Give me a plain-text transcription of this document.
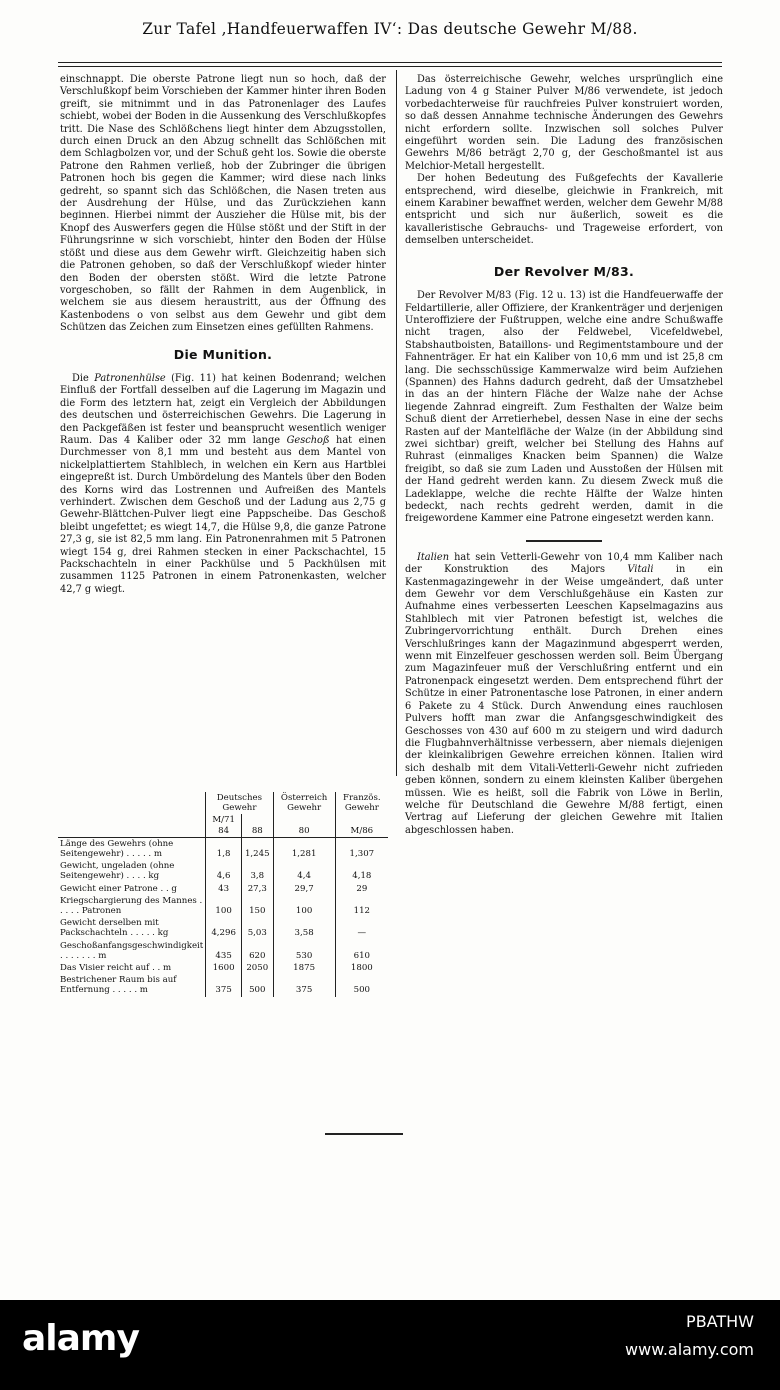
Zur Tafel ‚Handfeuerwaffen IV‘: Das deutsche Gewehr M/88.

einschnappt. Die oberste Patrone liegt nun so hoch, daß der Verschlußkopf beim Vorschieben der Kammer hinter ihren Boden greift, sie mitnimmt und in das Patronenlager des Laufes schiebt, wobei der Boden in die Aussenkung des Verschlußkopfes tritt. Die Nase des Schlößchens liegt hinter dem Abzugsstollen, durch einen Druck an den Abzug schnellt das Schlößchen mit dem Schlagbolzen vor, und der Schuß geht los. Sowie die oberste Patrone den Rahmen verließ, hob der Zubringer die übrigen Patronen hoch bis gegen die Kammer; wird diese nach links gedreht, so spannt sich das Schlößchen, die Nasen treten aus der Ausdrehung der Hülse, und das Zurückziehen kann beginnen. Hierbei nimmt der Auszieher die Hülse mit, bis der Knopf des Auswerfers gegen die Hülse stößt und der Stift in der Führungsrinne w sich vorschiebt, hinter den Boden der Hülse stößt und diese aus dem Gewehr wirft. Gleichzeitig haben sich die Patronen gehoben, so daß der Verschlußkopf wieder hinter den Boden der obersten stößt. Wird die letzte Patrone vorgeschoben, so fällt der Rahmen in dem Augenblick, in welchem sie aus diesem heraustritt, aus der Öffnung des Kastenbodens o von selbst aus dem Gewehr und gibt dem Schützen das Zeichen zum Einsetzen eines gefüllten Rahmens.

Die Munition.

Die Patronenhülse (Fig. 11) hat keinen Bodenrand; welchen Einfluß der Fortfall desselben auf die Lagerung im Magazin und die Form des letztern hat, zeigt ein Vergleich der Abbildungen des deutschen und österreichischen Gewehrs. Die Lagerung in den Packgefäßen ist fester und beansprucht wesentlich weniger Raum. Das 4 Kaliber oder 32 mm lange Geschoß hat einen Durchmesser von 8,1 mm und besteht aus dem Mantel von nickelplattiertem Stahlblech, in welchen ein Kern aus Hartblei eingepreßt ist. Durch Umbördelung des Mantels über den Boden des Korns wird das Lostrennen und Aufreißen des Mantels verhindert. Zwischen dem Geschoß und der Ladung aus 2,75 g Gewehr-Blättchen-Pulver liegt eine Pappscheibe. Das Geschoß bleibt ungefettet; es wiegt 14,7, die Hülse 9,8, die ganze Patrone 27,3 g, sie ist 82,5 mm lang. Ein Patronenrahmen mit 5 Patronen wiegt 154 g, drei Rahmen stecken in einer Packschachtel, 15 Packschachteln in einer Packhülse und 5 Packhülsen mit zusammen 1125 Patronen in einem Patronenkasten, welcher 42,7 g wiegt.

	Deutsches Gewehr		Österreich Gewehr	Französ. Gewehr
	M/71 84	88	80	M/86
Länge des Gewehrs (ohne Seitengewehr) . . . . . m	1,8	1,245	1,281	1,307
Gewicht, ungeladen (ohne Seitengewehr) . . . . kg	4,6	3,8	4,4	4,18
Gewicht einer Patrone . . g	43	27,3	29,7	29
Kriegschargierung des Mannes . . . . . Patronen	100	150	100	112
Gewicht derselben mit Packschachteln . . . . . kg	4,296	5,03	3,58	—
Geschoßanfangsgeschwindigkeit . . . . . . . m	435	620	530	610
Das Visier reicht auf . . m	1600	2050	1875	1800
Bestrichener Raum bis auf Entfernung . . . . . m	375	500	375	500

Das österreichische Gewehr, welches ursprünglich eine Ladung von 4 g Stainer Pulver M/86 verwendete, ist jedoch vorbedachterweise für rauchfreies Pulver konstruiert worden, so daß dessen Annahme technische Änderungen des Gewehrs nicht erfordern sollte. Inzwischen soll solches Pulver eingeführt worden sein. Die Ladung des französischen Gewehrs M/86 beträgt 2,70 g, der Geschoßmantel ist aus Melchior-Metall hergestellt.

Der hohen Bedeutung des Fußgefechts der Kavallerie entsprechend, wird dieselbe, gleichwie in Frankreich, mit einem Karabiner bewaffnet werden, welcher dem Gewehr M/88 entspricht und sich nur äußerlich, soweit es die kavalleristische Gebrauchs- und Trageweise erfordert, von demselben unterscheidet.

Der Revolver M/83.

Der Revolver M/83 (Fig. 12 u. 13) ist die Handfeuerwaffe der Feldartillerie, aller Offiziere, der Krankenträger und derjenigen Unteroffiziere der Fußtruppen, welche eine andre Schußwaffe nicht tragen, also der Feldwebel, Vicefeldwebel, Stabshautboisten, Bataillons- und Regimentstamboure und der Fahnenträger. Er hat ein Kaliber von 10,6 mm und ist 25,8 cm lang. Die sechsschüssige Kammerwalze wird beim Aufziehen (Spannen) des Hahns dadurch gedreht, daß der Umsatzhebel in das an der hintern Fläche der Walze nahe der Achse liegende Zahnrad eingreift. Zum Festhalten der Walze beim Schuß dient der Arretierhebel, dessen Nase in eine der sechs Rasten auf der Mantelfläche der Walze (in der Abbildung sind zwei sichtbar) greift, welcher bei Stellung des Hahns auf Ruhrast (einmaliges Knacken beim Spannen) die Walze freigibt, so daß sie zum Laden und Ausstoßen der Hülsen mit der Hand gedreht werden kann. Zu diesem Zweck muß die Ladeklappe, welche die rechte Hälfte der Walze hinten bedeckt, nach rechts gedreht werden, damit in die freigewordene Kammer eine Patrone eingesetzt werden kann.

Italien hat sein Vetterli-Gewehr von 10,4 mm Kaliber nach der Konstruktion des Majors Vitali in ein Kastenmagazingewehr in der Weise umgeändert, daß unter dem Gewehr vor dem Verschlußgehäuse ein Kasten zur Aufnahme eines verbesserten Leeschen Kapselmagazins aus Stahlblech mit vier Patronen befestigt ist, welches die Zubringervorrichtung enthält. Durch Drehen eines Verschlußringes kann der Magazinmund abgesperrt werden, wenn mit Einzelfeuer geschossen werden soll. Beim Übergang zum Magazinfeuer muß der Verschlußring entfernt und ein Patronenpack eingesetzt werden. Dem entsprechend führt der Schütze in einer Patronentasche lose Patronen, in einer andern 6 Pakete zu 4 Stück. Durch Anwendung eines rauchlosen Pulvers hofft man zwar die Anfangsgeschwindigkeit des Geschosses von 430 auf 600 m zu steigern und wird dadurch die Flugbahnverhältnisse verbessern, aber niemals diejenigen der kleinkalibrigen Gewehre erreichen können. Italien wird sich deshalb mit dem Vitali-Vetterli-Gewehr nicht zufrieden geben können, sondern zu einem kleinsten Kaliber übergehen müssen. Wie es heißt, soll die Fabrik von Löwe in Berlin, welche für Deutschland die Gewehre M/88 fertigt, einen Vertrag auf Lieferung der gleichen Gewehre mit Italien abgeschlossen haben.

alamy	PBATHW
www.alamy.com
